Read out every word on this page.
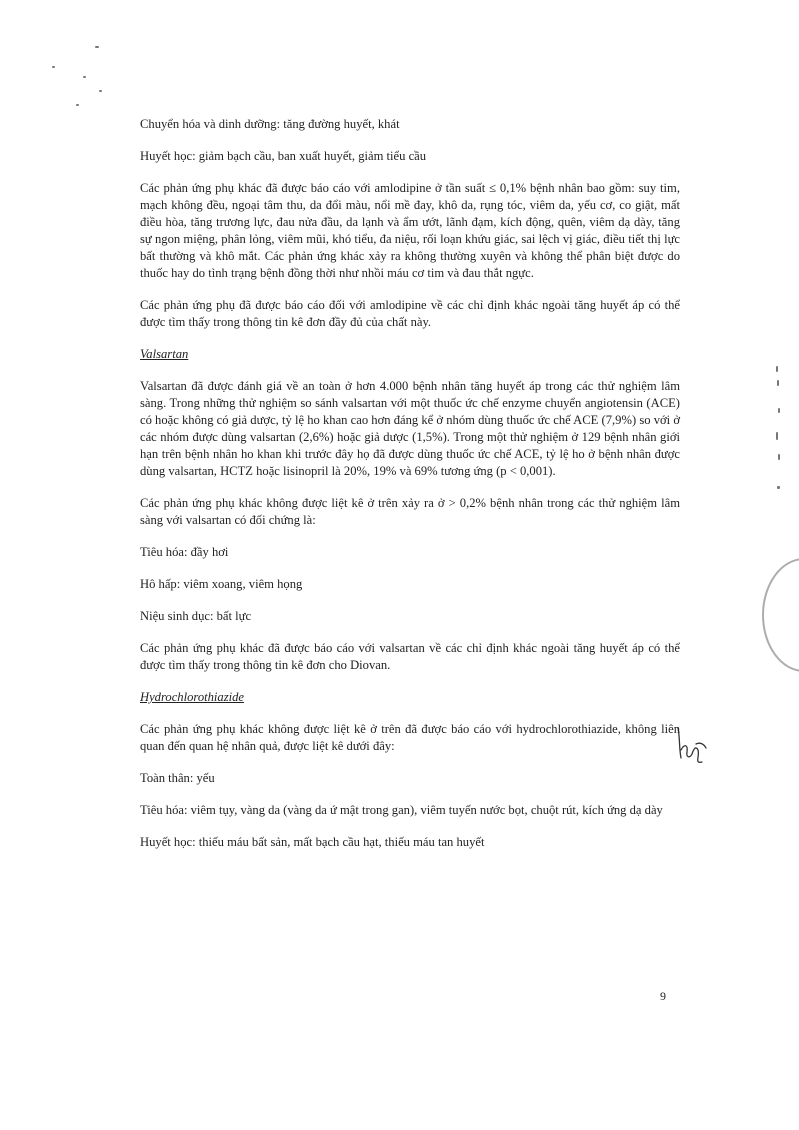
Chuyển hóa và dinh dưỡng: tăng đường huyết, khát

Huyết học: giảm bạch cầu, ban xuất huyết, giảm tiểu cầu

Các phản ứng phụ khác đã được báo cáo với amlodipine ở tần suất ≤ 0,1% bệnh nhân bao gồm: suy tim, mạch không đều, ngoại tâm thu, da đổi màu, nổi mề đay, khô da, rụng tóc, viêm da, yếu cơ, co giật, mất điều hòa, tăng trương lực, đau nửa đầu, da lạnh và ẩm ướt, lãnh đạm, kích động, quên, viêm dạ dày, tăng sự ngon miệng, phân lỏng, viêm mũi, khó tiểu, đa niệu, rối loạn khứu giác, sai lệch vị giác, điều tiết thị lực bất thường và khô mắt. Các phản ứng khác xảy ra không thường xuyên và không thể phân biệt được do thuốc hay do tình trạng bệnh đồng thời như nhồi máu cơ tim và đau thắt ngực.

Các phản ứng phụ đã được báo cáo đối với amlodipine về các chỉ định khác ngoài tăng huyết áp có thể được tìm thấy trong thông tin kê đơn đầy đủ của chất này.

Valsartan

Valsartan đã được đánh giá về an toàn ở hơn 4.000 bệnh nhân tăng huyết áp trong các thử nghiệm lâm sàng. Trong những thử nghiệm so sánh valsartan với một thuốc ức chế enzyme chuyển angiotensin (ACE) có hoặc không có giả dược, tỷ lệ ho khan cao hơn đáng kể ở nhóm dùng thuốc ức chế ACE (7,9%) so với ở các nhóm được dùng valsartan (2,6%) hoặc giả dược (1,5%). Trong một thử nghiệm ở 129 bệnh nhân giới hạn trên bệnh nhân ho khan khi trước đây họ đã được dùng thuốc ức chế ACE, tỷ lệ ho ở bệnh nhân được dùng valsartan, HCTZ hoặc lisinopril là 20%, 19% và 69% tương ứng (p < 0,001).

Các phản ứng phụ khác không được liệt kê ở trên xảy ra ở > 0,2% bệnh nhân trong các thử nghiệm lâm sàng với valsartan có đối chứng là:

Tiêu hóa: đầy hơi

Hô hấp: viêm xoang, viêm họng

Niệu sinh dục: bất lực

Các phản ứng phụ khác đã được báo cáo với valsartan về các chỉ định khác ngoài tăng huyết áp có thể được tìm thấy trong thông tin kê đơn cho Diovan.

Hydrochlorothiazide

Các phản ứng phụ khác không được liệt kê ở trên đã được báo cáo với hydrochlorothiazide, không liên quan đến quan hệ nhân quả, được liệt kê dưới đây:

Toàn thân: yếu

Tiêu hóa: viêm tụy, vàng da (vàng da ứ mật trong gan), viêm tuyến nước bọt, chuột rút, kích ứng dạ dày

Huyết học: thiếu máu bất sản, mất bạch cầu hạt, thiếu máu tan huyết

9
